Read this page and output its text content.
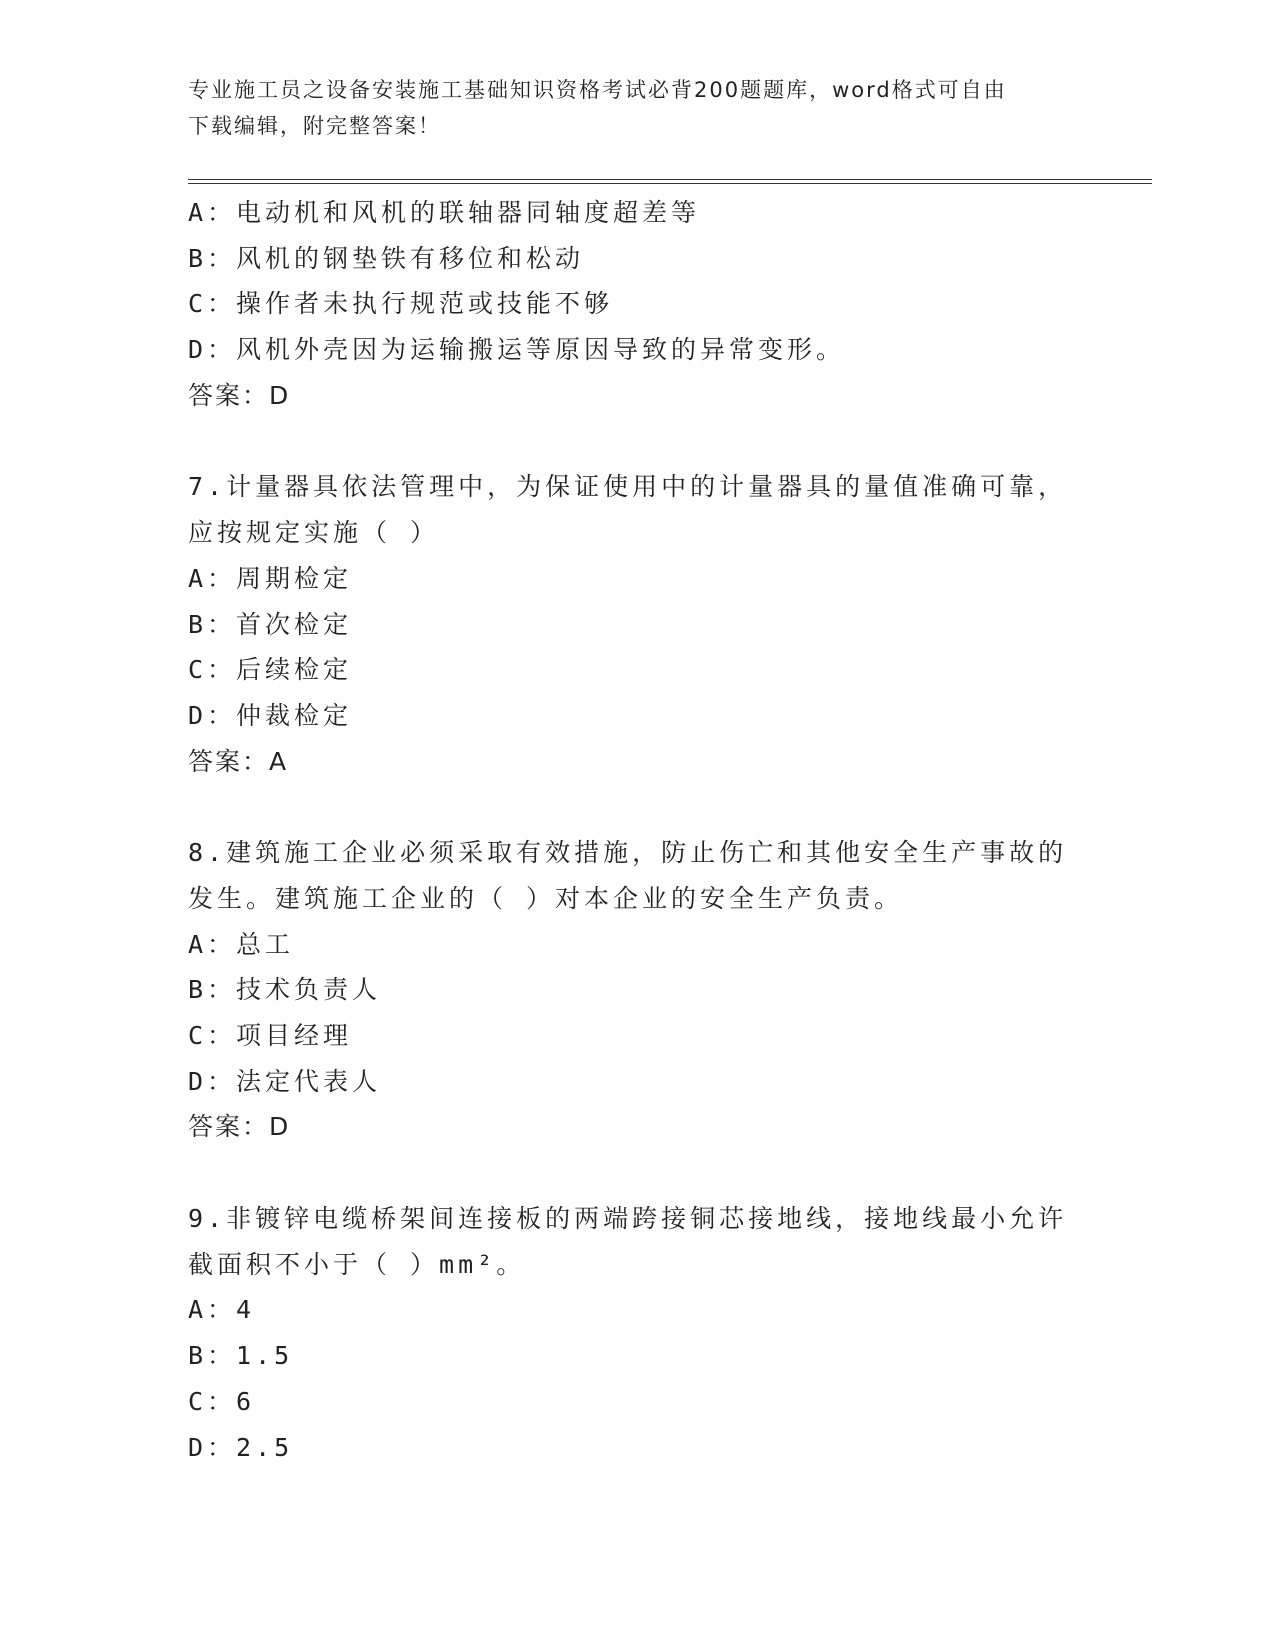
专业施工员之设备安装施工基础知识资格考试必背200题题库，word格式可自由
下载编辑，附完整答案！
A：电动机和风机的联轴器同轴度超差等
B：风机的钢垫铁有移位和松动
C：操作者未执行规范或技能不够
D：风机外壳因为运输搬运等原因导致的异常变形。
答案：D
7.计量器具依法管理中，为保证使用中的计量器具的量值准确可靠，
应按规定实施（ ）
A：周期检定
B：首次检定
C：后续检定
D：仲裁检定
答案：A
8.建筑施工企业必须采取有效措施，防止伤亡和其他安全生产事故的
发生。建筑施工企业的（ ）对本企业的安全生产负责。
A：总工
B：技术负责人
C：项目经理
D：法定代表人
答案：D
9.非镀锌电缆桥架间连接板的两端跨接铜芯接地线，接地线最小允许
截面积不小于（ ）mm²。
A：4
B：1.5
C：6
D：2.5
